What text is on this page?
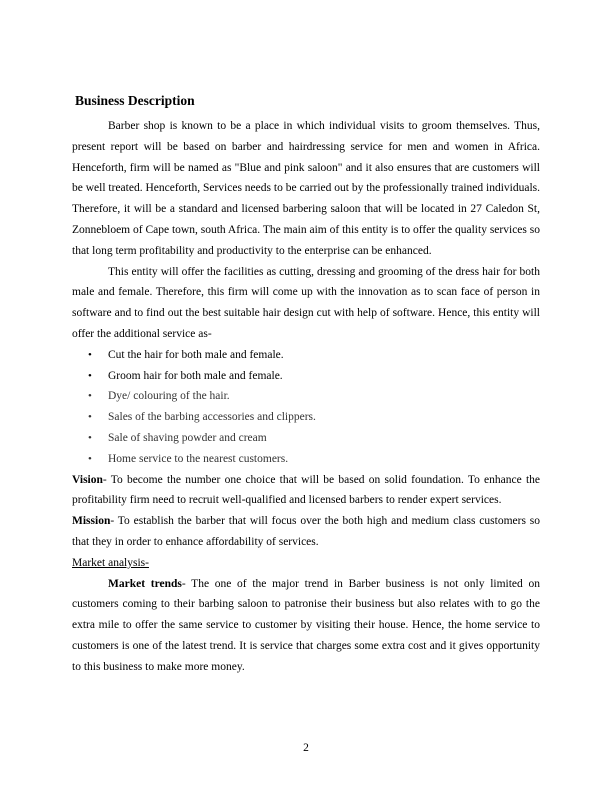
Business Description

Barber shop is known to be a place in which individual visits to groom themselves. Thus, present report will be based on barber and hairdressing service for men and women in Africa. Henceforth, firm will be named as "Blue and pink saloon" and it also ensures that are customers will be well treated. Henceforth, Services needs to be carried out by the professionally trained individuals. Therefore, it will be a standard and licensed barbering saloon that will be located in 27 Caledon St, Zonnebloem of Cape town, south Africa. The main aim of this entity is to offer the quality services so that long term profitability and productivity to the enterprise can be enhanced.

This entity will offer the facilities as cutting, dressing and grooming of the dress hair for both male and female. Therefore, this firm will come up with the innovation as to scan face of person in software and to find out the best suitable hair design cut with help of software. Hence, this entity will offer the additional service as-

• Cut the hair for both male and female.
• Groom hair for both male and female.
• Dye/ colouring of the hair.
• Sales of the barbing accessories and clippers.
• Sale of shaving powder and cream
• Home service to the nearest customers.

Vision- To become the number one choice that will be based on solid foundation. To enhance the profitability firm need to recruit well-qualified and licensed barbers to render expert services.

Mission- To establish the barber that will focus over the both high and medium class customers so that they in order to enhance affordability of services.

Market analysis-

Market trends- The one of the major trend in Barber business is not only limited on customers coming to their barbing saloon to patronise their business but also relates with to go the extra mile to offer the same service to customer by visiting their house. Hence, the home service to customers is one of the latest trend. It is service that charges some extra cost and it gives opportunity to this business to make more money.

2
